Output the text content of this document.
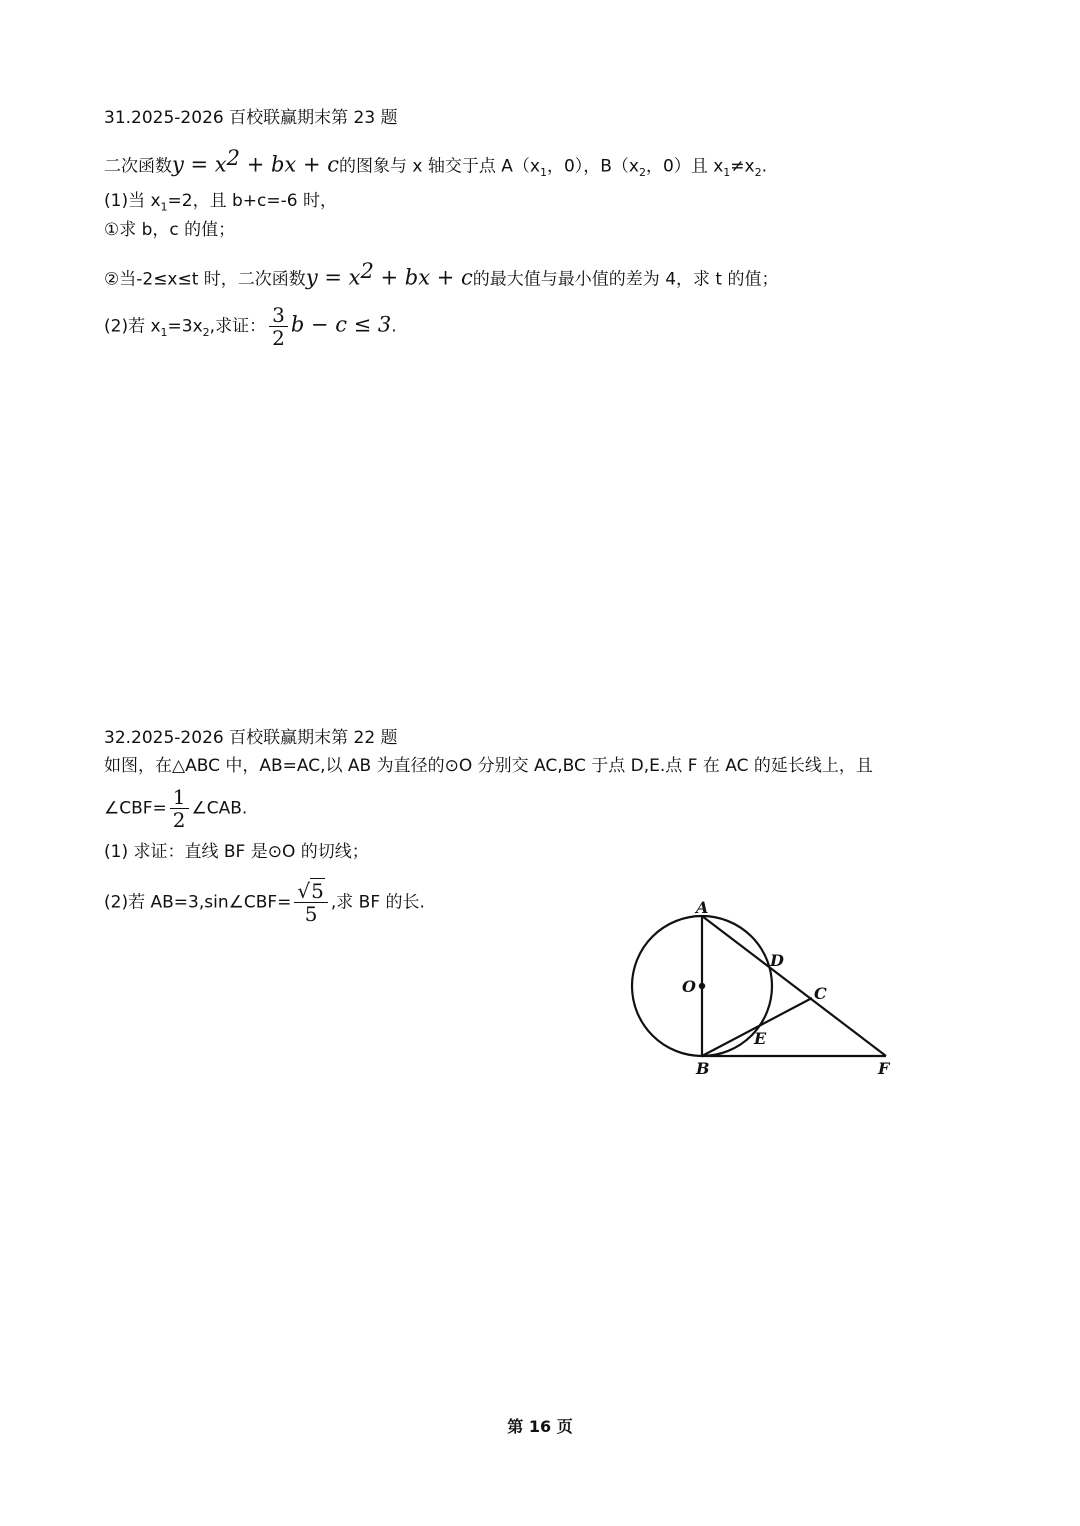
31.2025-2026 百校联赢期末第 23 题
二次函数$y = x^2$ + bx + c的图象与 x 轴交于点 $A(x_1$，0），$B(x_2$，0）且 $x_1\ne x_2$.
(1)当 $x_1=2$，且 b+c=-6 时，
①求 b，c 的值；
②当-2≤x≤t 时，二次函数$y = x^2$ + bx + c的最大值与最小值的差为 4，求 t 的值；
(2)若 $x_1=3x_2$,求证： $\frac{3}{2}$ b − c ≤ 3.
32.2025-2026 百校联赢期末第 22 题
如图，在△ABC 中，AB=AC,以 AB 为直径的⊙O 分别交 AC,BC 于点 D,E.点 F 在 AC 的延长线上，且
∠CBF= $\frac{1}{2}$ ∠CAB.
(1) 求证：直线 BF 是⊙O 的切线；
(2)若 AB=3,sin∠CBF= $\frac{√5}{5}$ ,求 BF 的长.	A
B
C
D
E
F
O
第 16 页
